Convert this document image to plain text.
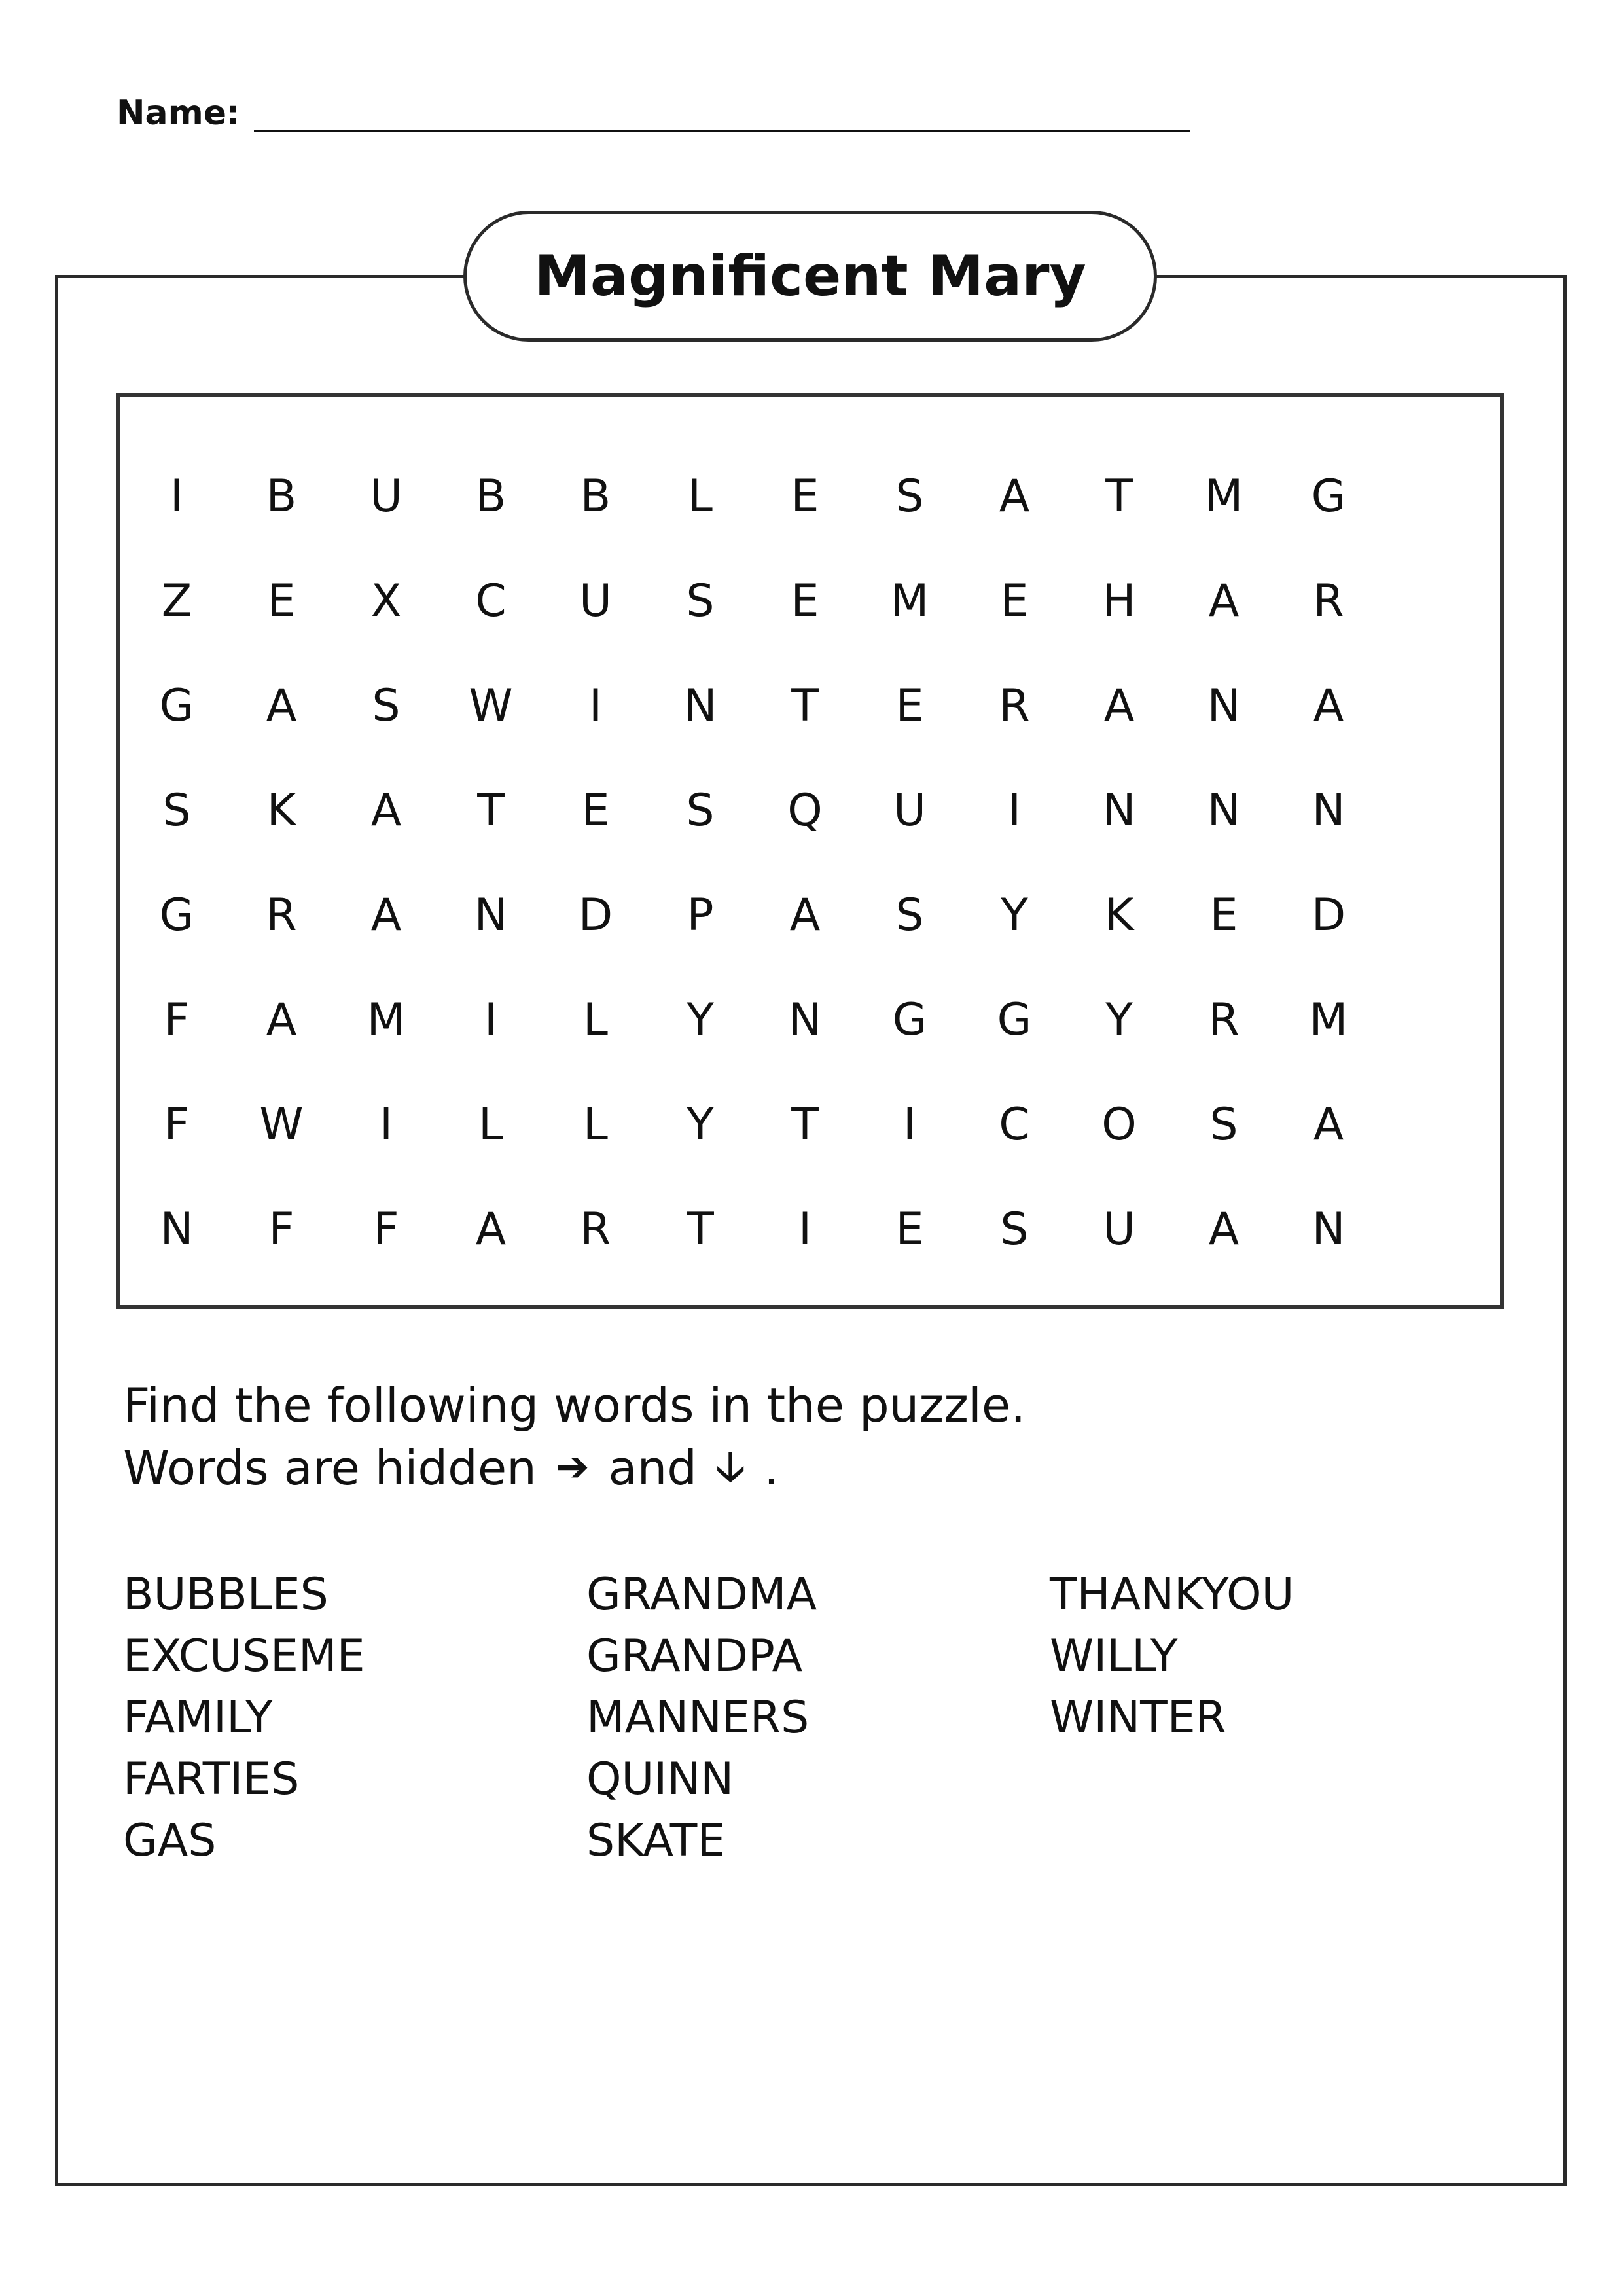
Name:
Magnificent Mary
I	B	U	B	B	L	E	S	A	T	M	G
Z	E	X	C	U	S	E	M	E	H	A	R
G	A	S	W	I	N	T	E	R	A	N	A
S	K	A	T	E	S	Q	U	I	N	N	N
G	R	A	N	D	P	A	S	Y	K	E	D
F	A	M	I	L	Y	N	G	G	Y	R	M
F	W	I	L	L	Y	T	I	C	O	S	A
N	F	F	A	R	T	I	E	S	U	A	N
Find the following words in the puzzle.
Words are hidden ➔ and 🡣 .
BUBBLES
EXCUSEME
FAMILY
FARTIES
GAS
GRANDMA
GRANDPA
MANNERS
QUINN
SKATE
THANKYOU
WILLY
WINTER
